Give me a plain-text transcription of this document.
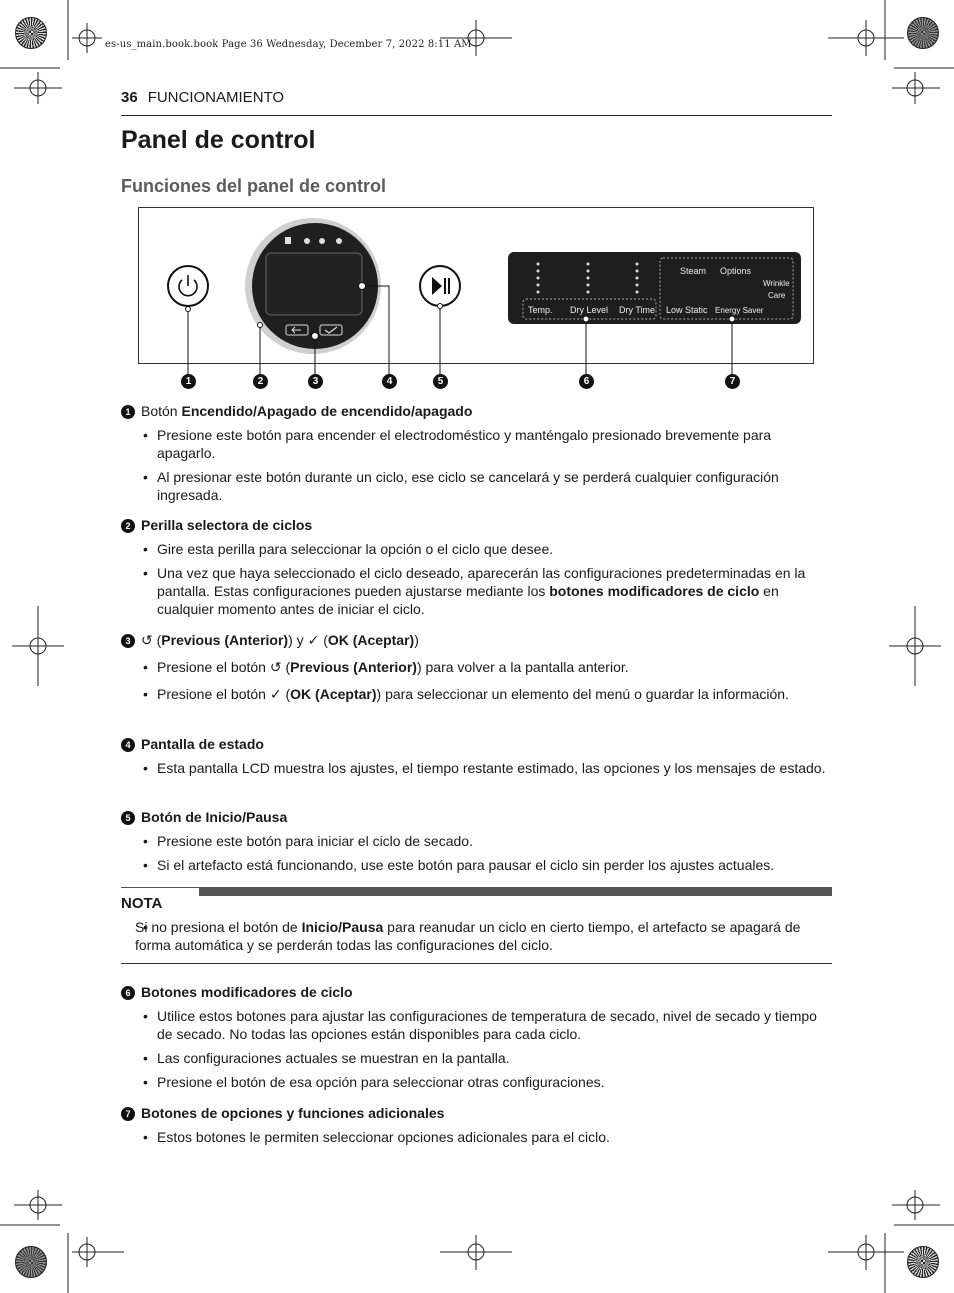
es-us_main.book.book Page 36 Wednesday, December 7, 2022 8:11 AM
36 FUNCIONAMIENTO
Panel de control
Funciones del panel de control
Temp. Dry Level Dry Time
Steam Options
Wrinkle
Care
Low Static Energy Saver
1	2	3	4	5	6	7
1 Botón Encendido/Apagado de encendido/apagado
• Presione este botón para encender el electrodoméstico y manténgalo presionado brevemente para apagarlo.
• Al presionar este botón durante un ciclo, ese ciclo se cancelará y se perderá cualquier configuración ingresada.
2 Perilla selectora de ciclos
• Gire esta perilla para seleccionar la opción o el ciclo que desee.
• Una vez que haya seleccionado el ciclo deseado, aparecerán las configuraciones predeterminadas en la pantalla. Estas configuraciones pueden ajustarse mediante los botones modificadores de ciclo en cualquier momento antes de iniciar el ciclo.
3 ↺ (Previous (Anterior)) y ✓ (OK (Aceptar))
• Presione el botón ↺ (Previous (Anterior)) para volver a la pantalla anterior.
• Presione el botón ✓ (OK (Aceptar)) para seleccionar un elemento del menú o guardar la información.
4 Pantalla de estado
• Esta pantalla LCD muestra los ajustes, el tiempo restante estimado, las opciones y los mensajes de estado.
5 Botón de Inicio/Pausa
• Presione este botón para iniciar el ciclo de secado.
• Si el artefacto está funcionando, use este botón para pausar el ciclo sin perder los ajustes actuales.
NOTA
• Si no presiona el botón de Inicio/Pausa para reanudar un ciclo en cierto tiempo, el artefacto se apagará de forma automática y se perderán todas las configuraciones del ciclo.
6 Botones modificadores de ciclo
• Utilice estos botones para ajustar las configuraciones de temperatura de secado, nivel de secado y tiempo de secado. No todas las opciones están disponibles para cada ciclo.
• Las configuraciones actuales se muestran en la pantalla.
• Presione el botón de esa opción para seleccionar otras configuraciones.
7 Botones de opciones y funciones adicionales
• Estos botones le permiten seleccionar opciones adicionales para el ciclo.
